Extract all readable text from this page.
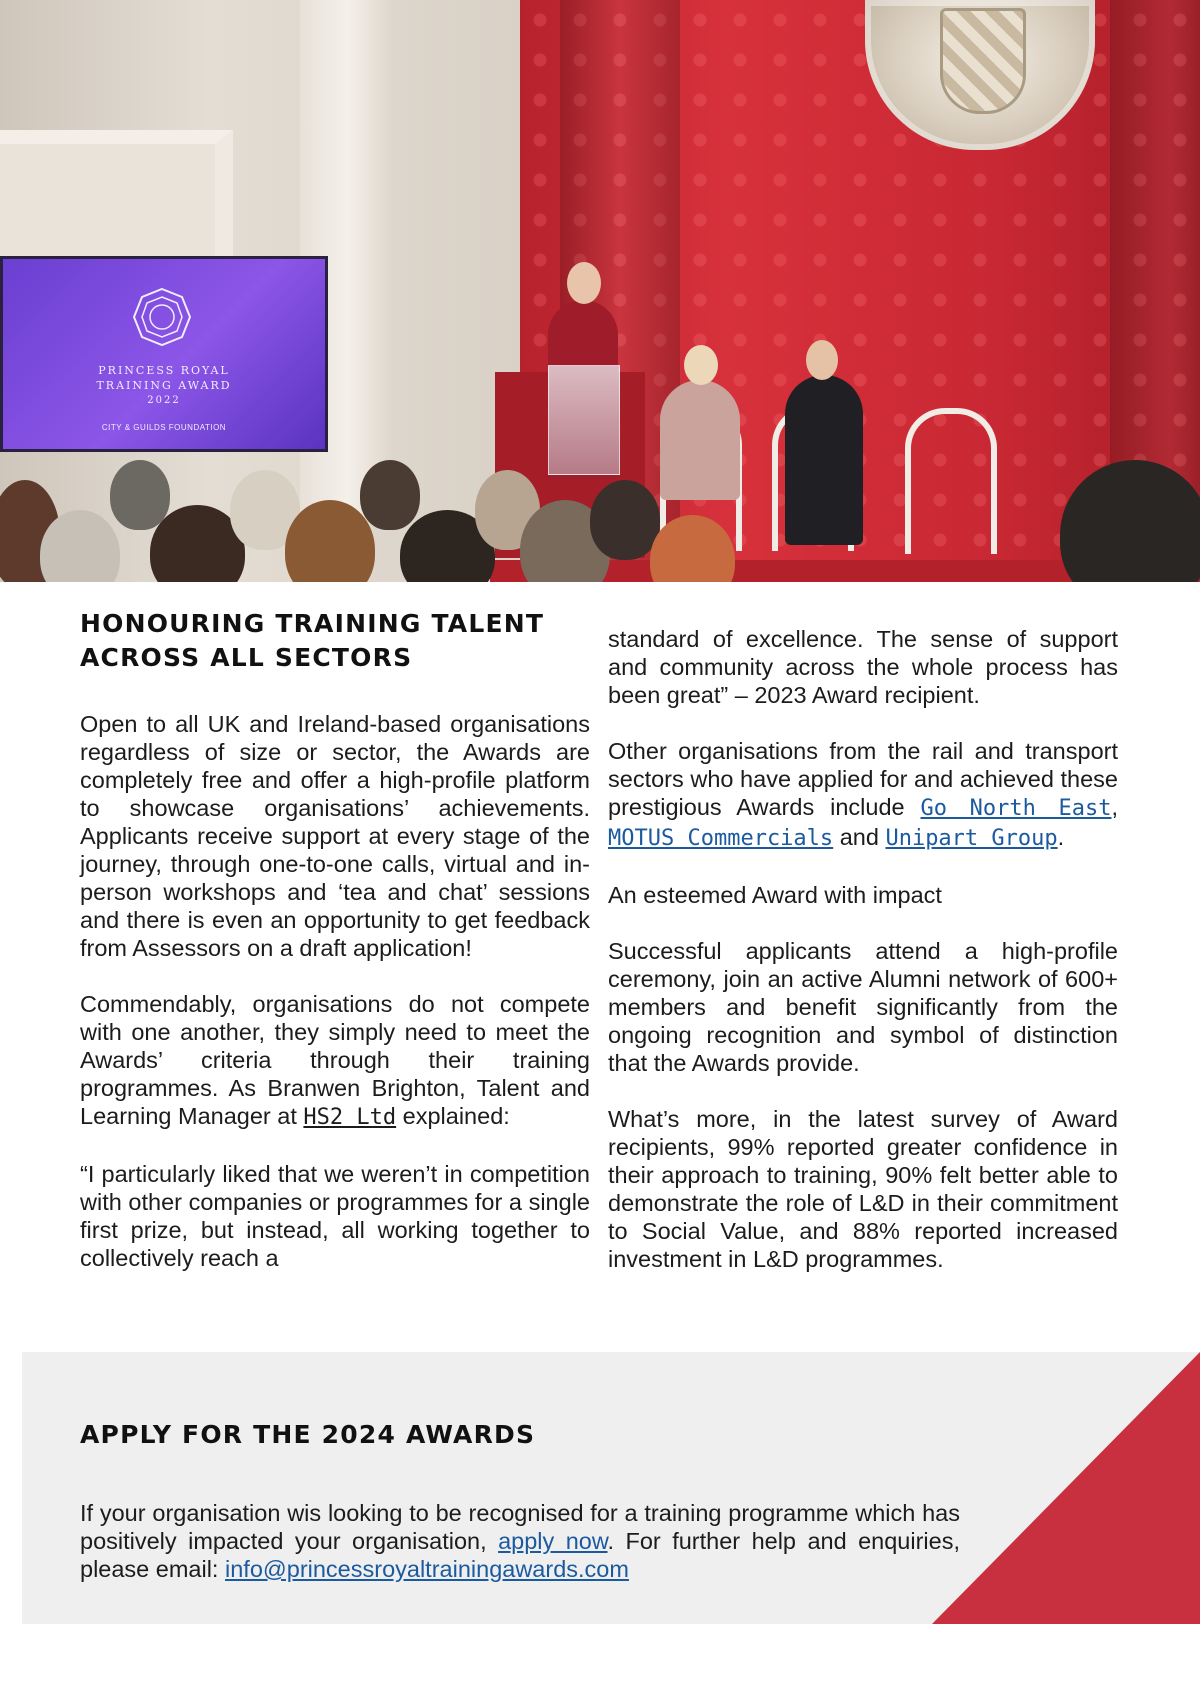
PRINCESS ROYAL
TRAINING AWARD
2022
CITY & GUILDS FOUNDATION
HONOURING TRAINING TALENT
ACROSS ALL SECTORS

Open to all UK and Ireland-based organisations regardless of size or sector, the Awards are completely free and offer a high-profile platform to showcase organisations’ achievements. Applicants receive support at every stage of the journey, through one-to-one calls, virtual and in-person workshops and ‘tea and chat’ sessions and there is even an opportunity to get feedback from Assessors on a draft application!

Commendably, organisations do not compete with one another, they simply need to meet the Awards’ criteria through their training programmes. As Branwen Brighton, Talent and Learning Manager at HS2 Ltd explained:

“I particularly liked that we weren’t in competition with other companies or programmes for a single first prize, but instead, all working together to collectively reach a

standard of excellence. The sense of support and community across the whole process has been great” – 2023 Award recipient.

Other organisations from the rail and transport sectors who have applied for and achieved these prestigious Awards include Go North East, MOTUS Commercials and Unipart Group.

An esteemed Award with impact

Successful applicants attend a high-profile ceremony, join an active Alumni network of 600+ members and benefit significantly from the ongoing recognition and symbol of distinction that the Awards provide.

What’s more, in the latest survey of Award recipients, 99% reported greater confidence in their approach to training, 90% felt better able to demonstrate the role of L&D in their commitment to Social Value, and 88% reported increased investment in L&D programmes.

APPLY FOR THE 2024 AWARDS
If your organisation wis looking to be recognised for a training programme which has positively impacted your organisation, apply now. For further help and enquiries, please email: info@princessroyaltrainingawards.com
